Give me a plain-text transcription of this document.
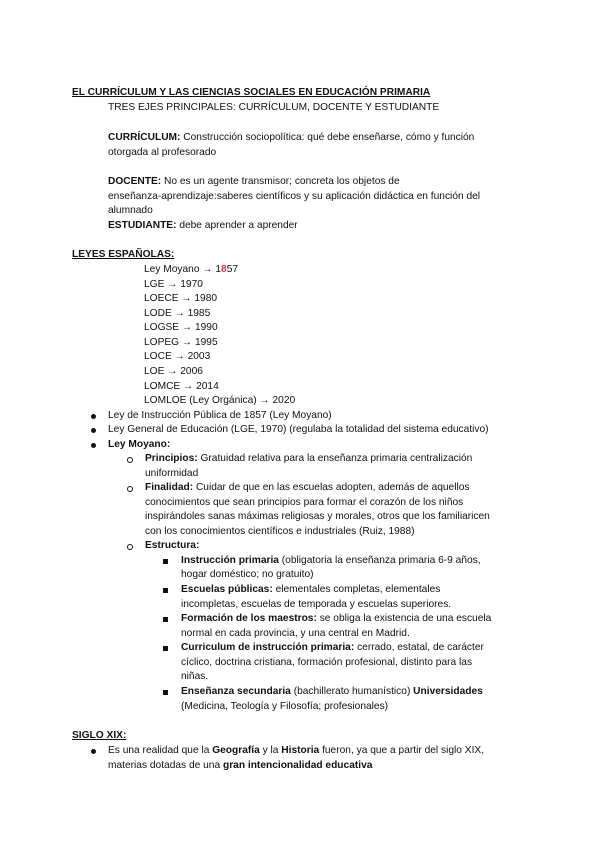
EL CURRÍCULUM Y LAS CIENCIAS SOCIALES EN EDUCACIÓN PRIMARIA
TRES EJES PRINCIPALES: CURRÍCULUM, DOCENTE Y ESTUDIANTE
CURRÍCULUM: Construcción sociopolítica: qué debe enseñarse, cómo y función
otorgada al profesorado
DOCENTE: No es un agente transmisor; concreta los objetos de
enseñanza-aprendizaje:saberes científicos y su aplicación didáctica en función del
alumnado
ESTUDIANTE: debe aprender a aprender
LEYES ESPAÑOLAS:
Ley Moyano → 1857
LGE → 1970
LOECE → 1980
LODE → 1985
LOGSE → 1990
LOPEG → 1995
LOCE → 2003
LOE → 2006
LOMCE → 2014
LOMLOE (Ley Orgánica) → 2020
Ley de Instrucción Pública de 1857 (Ley Moyano)
Ley General de Educación (LGE, 1970) (regulaba la totalidad del sistema educativo)
Ley Moyano:
Principios: Gratuidad relativa para la enseñanza primaria centralización
uniformidad
Finalidad: Cuidar de que en las escuelas adopten, además de aquellos
conocimientos que sean principios para formar el corazón de los niños
inspirándoles sanas máximas religiosas y morales, otros que los familiaricen
con los conocimientos científicos e industriales (Ruiz, 1988)
Estructura:
Instrucción primaria (obligatoria la enseñanza primaria 6-9 años,
hogar doméstico; no gratuito)
Escuelas públicas: elementales completas, elementales
incompletas, escuelas de temporada y escuelas superiores.
Formación de los maestros: se obliga la existencia de una escuela
normal en cada provincia, y una central en Madrid.
Curriculum de instrucción primaria: cerrado, estatal, de carácter
cíclico, doctrina cristiana, formación profesional, distinto para las
niñas.
Enseñanza secundaria (bachillerato humanístico) Universidades
(Medicina, Teología y Filosofía; profesionales)
SIGLO XIX:
Es una realidad que la Geografía y la Historia fueron, ya que a partir del siglo XIX,
materias dotadas de una gran intencionalidad educativa
